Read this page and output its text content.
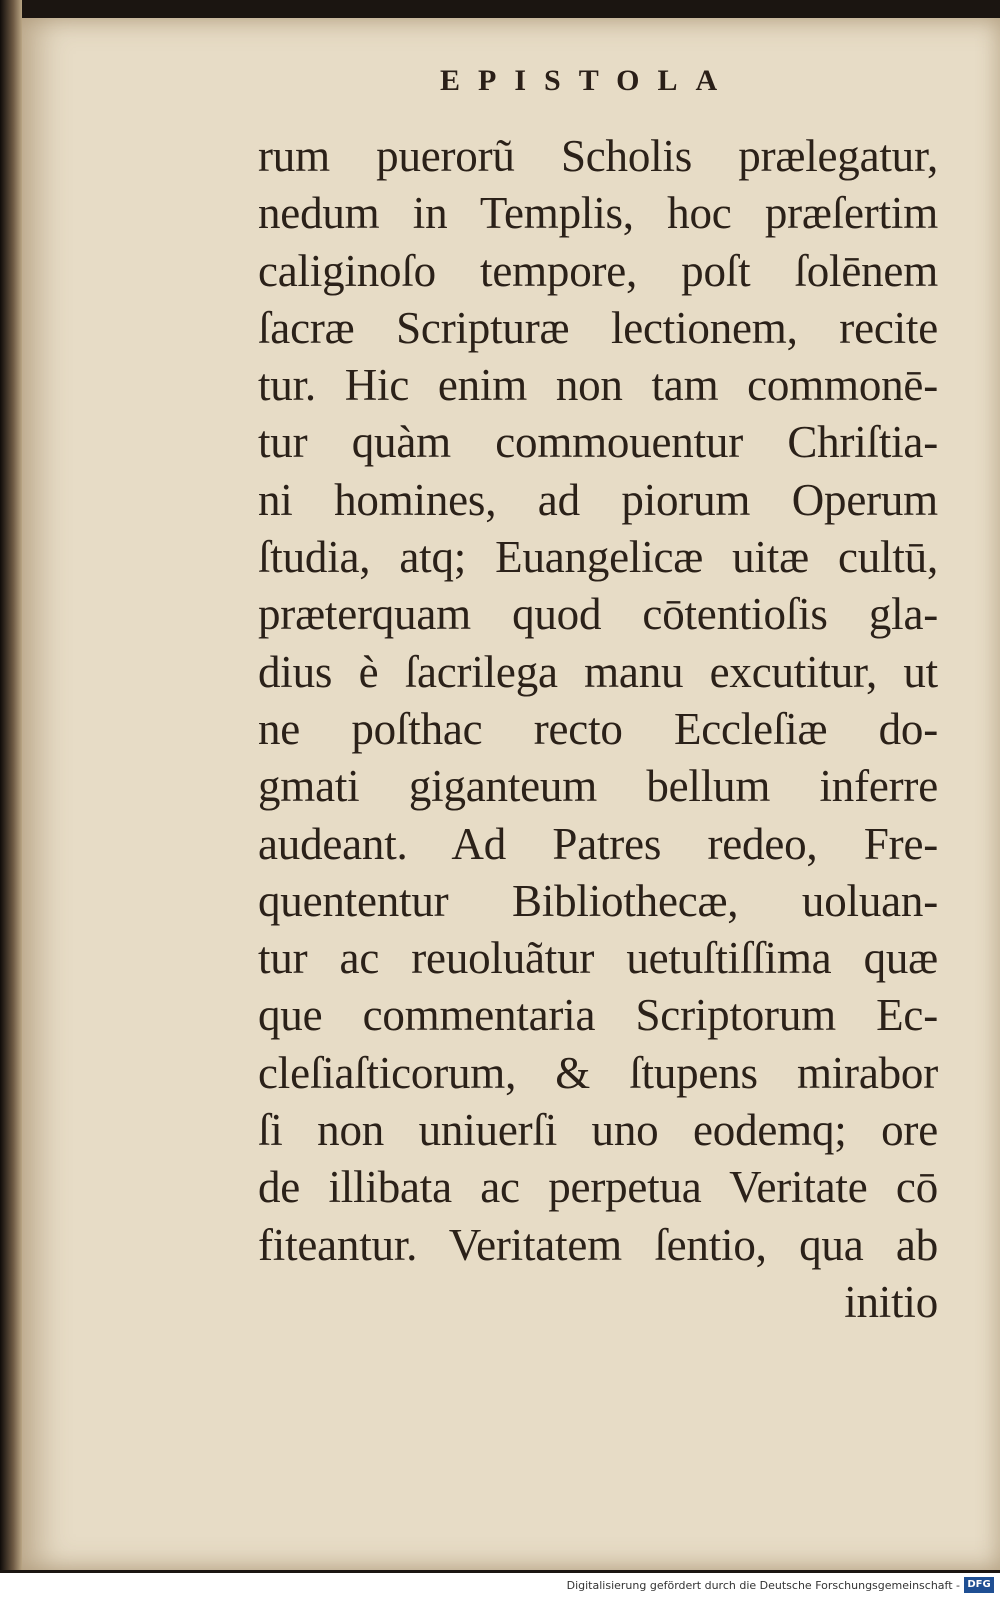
EPISTOLA
rum puerorũ Scholis prælegatur,
nedum in Templis, hoc præſertim
caliginoſo tempore, poſt ſolēnem
ſacræ Scripturæ lectionem, recite
tur. Hic enim non tam commonē-
tur quàm commouentur Chriſtia-
ni homines, ad piorum Operum
ſtudia, atq; Euangelicæ uitæ cultū,
præterquam quod cōtentioſis gla-
dius è ſacrilega manu excutitur, ut
ne poſthac recto Eccleſiæ do-
gmati giganteum bellum inferre
audeant. Ad Patres redeo, Fre-
quententur Bibliothecæ, uoluan-
tur ac reuoluãtur uetuſtiſſima quæ
que commentaria Scriptorum Ec-
cleſiaſticorum, & ſtupens mirabor
ſi non uniuerſi uno eodemq; ore
de illibata ac perpetua Veritate cō
fiteantur. Veritatem ſentio, qua ab
initio
Digitalisierung gefördert durch die Deutsche Forschungsgemeinschaft - DFG
